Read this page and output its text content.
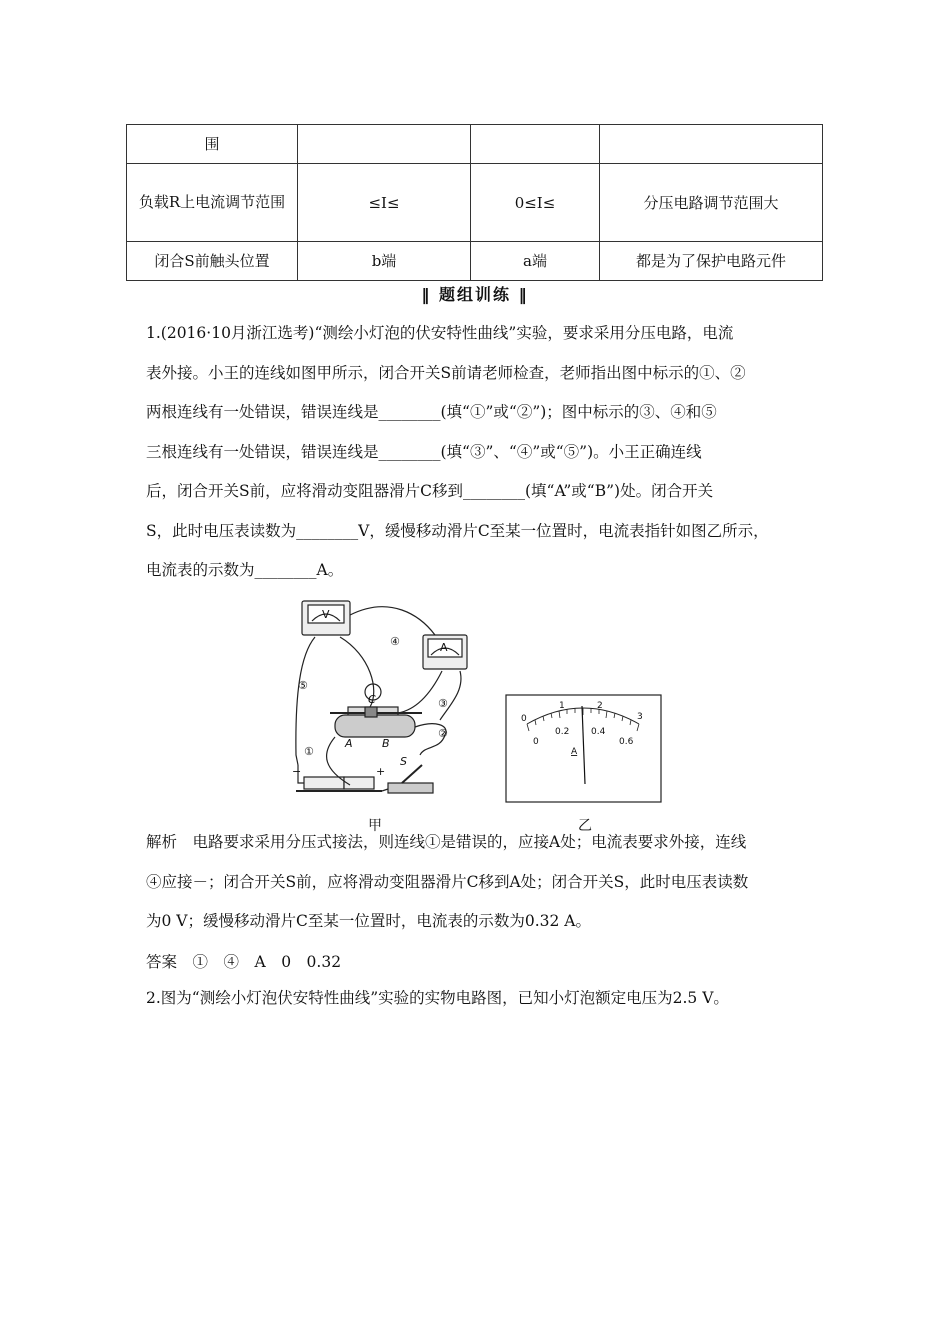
围			
负载R上电流调节范围	≤I≤	0≤I≤	分压电路调节范围大
闭合S前触头位置	b端	a端	都是为了保护电路元件
‖ 题组训练 ‖

1.(2016·10月浙江选考)“测绘小灯泡的伏安特性曲线”实验，要求采用分压电路，电流

表外接。小王的连线如图甲所示，闭合开关S前请老师检查，老师指出图中标示的①、②

两根连线有一处错误，错误连线是________(填“①”或“②”)；图中标示的③、④和⑤

三根连线有一处错误，错误连线是________(填“③”、“④”或“⑤”)。小王正确连线

后，闭合开关S前，应将滑动变阻器滑片C移到________(填“A”或“B”)处。闭合开关

S，此时电压表读数为________V，缓慢移动滑片C至某一位置时，电流表指针如图乙所示，

电流表的示数为________A。

V
A
④
⑤
③
②
①
C
A	B
S
−	+
甲
0
1	2
3
0
0.2 0.4
0.6
A
乙

解析　电路要求采用分压式接法，则连线①是错误的，应接A处；电流表要求外接，连线

④应接－；闭合开关S前，应将滑动变阻器滑片C移到A处；闭合开关S，此时电压表读数

为0 V；缓慢移动滑片C至某一位置时，电流表的示数为0.32 A。

答案　①　④　A　0　0.32
2.图为“测绘小灯泡伏安特性曲线”实验的实物电路图，已知小灯泡额定电压为2.5 V。
